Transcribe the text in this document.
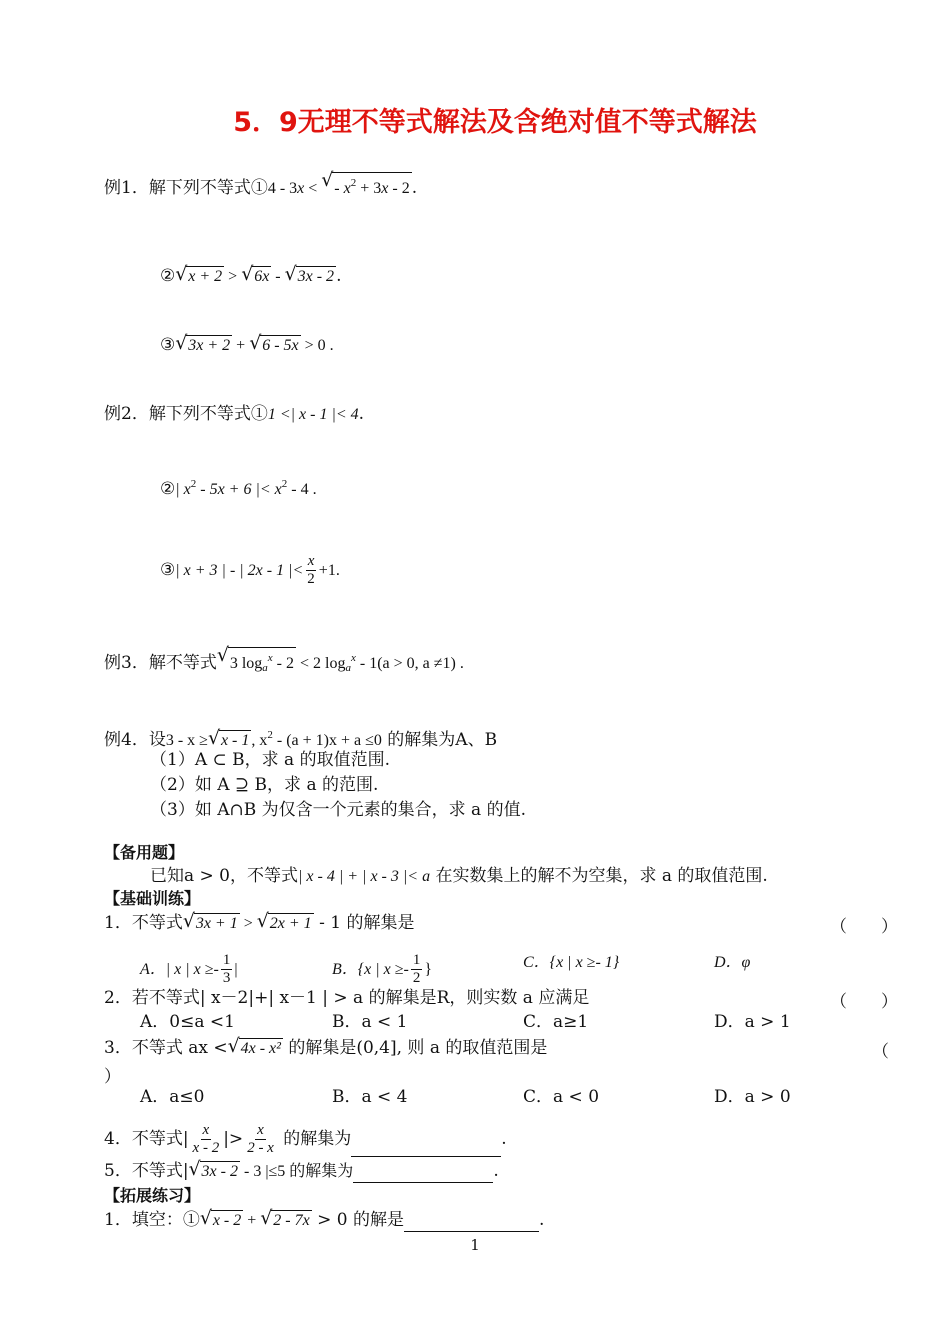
5．9无理不等式解法及含绝对值不等式解法
例1．解下列不等式①4 - 3x < √ - $x^2 + 3x - 2$ .
② √ x + 2 > √ 6x - √ 3x - 2 .
③ √ 3x + 2 + √ 6 - 5x > 0 .
例2．解下列不等式①1 <| x - 1 |< 4.
②| $x^2 - 5x + 6$ |< $x^2 - 4$ .
③| x + 3 | - | 2x - 1 |< $\frac{x}{2} +1$.
例3．解不等式 √ 3 $\log_a^x - 2 < 2$ $\log_a^x - 1(a > 0$, a ≠1) .
例4．设3 - x ≥ √ x - 1 , $x^2 - (a + 1)x + a \le 0$ 的解集为A、B
（1）A ⊂ B，求 a 的取值范围.
（2）如 A ⊇ B，求 a 的范围.
（3）如 A∩B 为仅含一个元素的集合，求 a 的值.
【备用题】
已知a > 0，不等式| x - 4 | + | x - 3 |< a 在实数集上的解不为空集，求 a 的取值范围.
【基础训练】
1．不等式 √ 3x + 1 > √ 2x + 1 - 1 的解集是	（　　）
A．| x | $x \ge- \frac{1}{3}$ |	B．{x | $x \ge- \frac{1}{2}$ }	C．{x | x ≥- 1}	D．φ
2．若不等式| x－2|+| x－1 | > a 的解集是R，则实数 a 应满足	（　　）
A．0≤a <1	B．a < 1	C．a≥1	D．a > 1
3．不等式 ax < √ 4x - x² 的解集是(0,4], 则 a 的取值范围是	（
）
A．a≤0	B．a < 4	C．a < 0	D．a > 0
4．不等式| $\frac{x}{x - 2}$ |> $\frac{x}{2 - x}$ 的解集为	.
5．不等式| √ 3x - 2 - 3 |≤5 的解集为	.
【拓展练习】
1．填空：① √ x - 2 + √ 2 - 7x > 0 的解是	.
1
